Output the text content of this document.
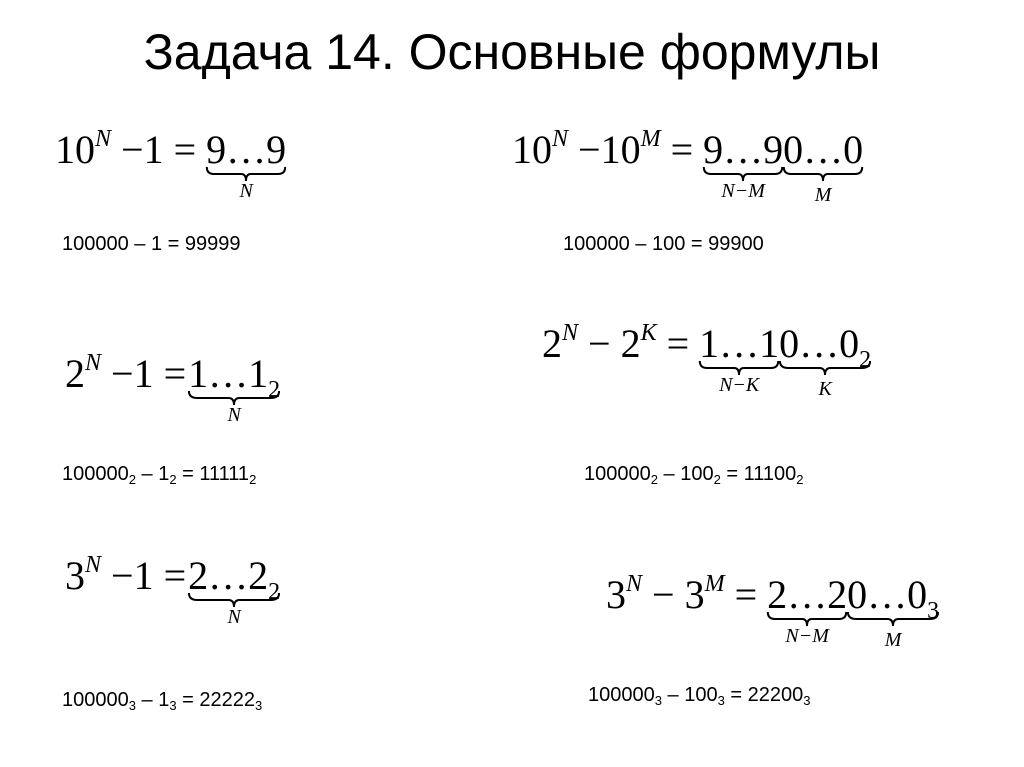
Задача 14. Основные формулы
$10^N -1$ = 9…9
N
$10^N -10^M$ = 9…9
N−M
0…0
M
100000 – 1 = 99999	100000 – 100 = 99900
$2^N -1$ = $1\dots 1_2$
N
$2^N - 2^K$ = 1…1
N−K
$0\dots 0_2$
K
$100000_2 - 1_2 = 11111_2$	$100000_2 - 100_2 = 11100_2$
$3^N -1$ = $2\dots 2_2$
N	$3^N - 3^M$ = 2…2
N−M
$0\dots 0_3$
M
$100000_3 - 1_3 = 22222_3$	$100000_3 - 100_3 = 22200_3$
